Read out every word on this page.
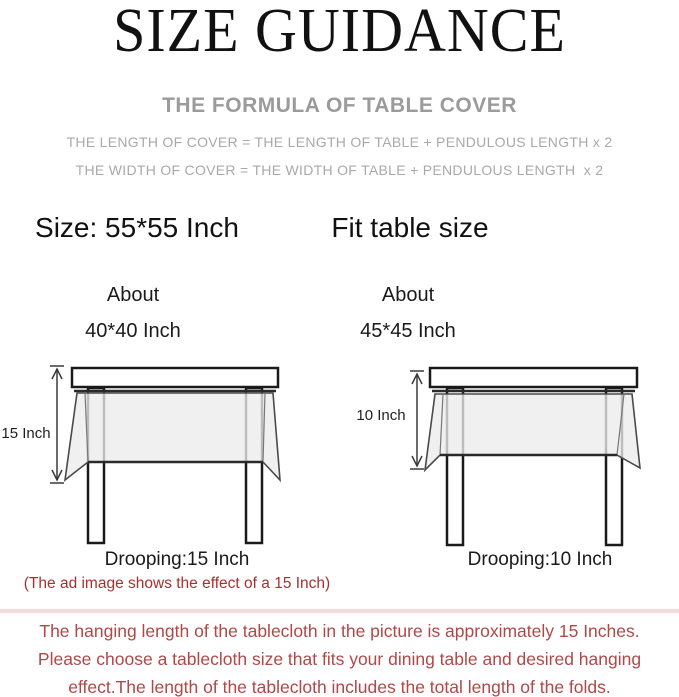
SIZE GUIDANCE
THE FORMULA OF TABLE COVER
THE LENGTH OF COVER = THE LENGTH OF TABLE + PENDULOUS LENGTH x 2
THE WIDTH OF COVER = THE WIDTH OF TABLE + PENDULOUS LENGTH  x 2
Size: 55*55 Inch	Fit table size
About	About
40*40 Inch	45*45 Inch
15 Inch
10 Inch
Drooping:15 Inch	Drooping:10 Inch
(The ad image shows the effect of a 15 Inch)
The hanging length of the tablecloth in the picture is approximately 15 Inches.
Please choose a tablecloth size that fits your dining table and desired hanging
effect.The length of the tablecloth includes the total length of the folds.
